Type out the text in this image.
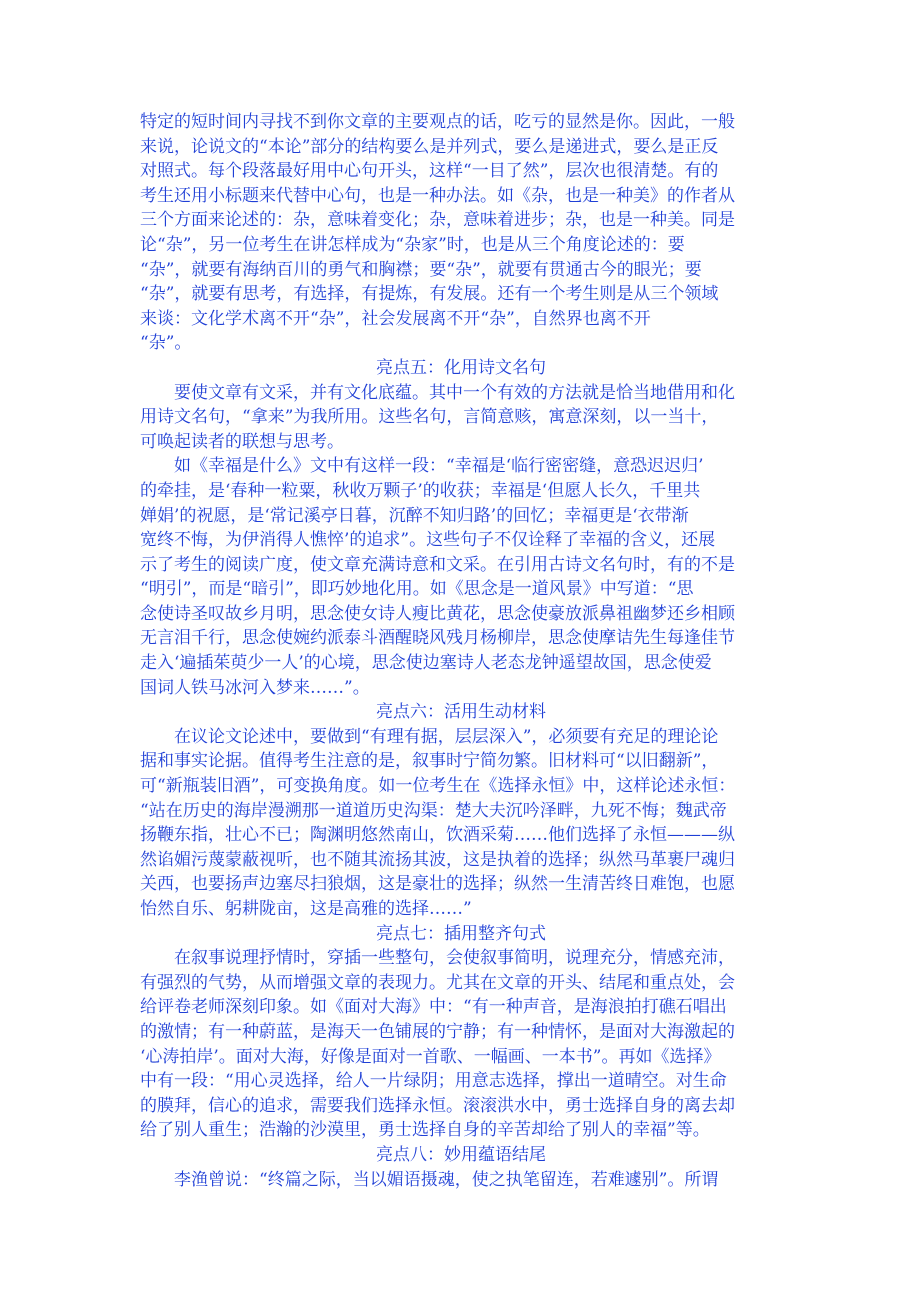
特定的短时间内寻找不到你文章的主要观点的话，吃亏的显然是你。因此，一般
来说，论说文的“本论”部分的结构要么是并列式，要么是递进式，要么是正反
对照式。每个段落最好用中心句开头，这样“一目了然”，层次也很清楚。有的
考生还用小标题来代替中心句，也是一种办法。如《杂，也是一种美》的作者从
三个方面来论述的：杂，意味着变化；杂，意味着进步；杂，也是一种美。同是
论“杂”，另一位考生在讲怎样成为“杂家”时，也是从三个角度论述的：要
“杂”，就要有海纳百川的勇气和胸襟；要“杂”，就要有贯通古今的眼光；要
“杂”，就要有思考，有选择，有提炼，有发展。还有一个考生则是从三个领域
来谈：文化学术离不开“杂”，社会发展离不开“杂”，自然界也离不开
“杂”。
亮点五：化用诗文名句
　　要使文章有文采，并有文化底蕴。其中一个有效的方法就是恰当地借用和化
用诗文名句，“拿来”为我所用。这些名句，言简意赅，寓意深刻，以一当十，
可唤起读者的联想与思考。
　　如《幸福是什么》文中有这样一段：“幸福是‘临行密密缝，意恐迟迟归’
的牵挂，是‘春种一粒粟，秋收万颗子’的收获；幸福是‘但愿人长久，千里共
婵娟’的祝愿，是‘常记溪亭日暮，沉醉不知归路’的回忆；幸福更是‘衣带渐
宽终不悔，为伊消得人憔悴’的追求”。这些句子不仅诠释了幸福的含义，还展
示了考生的阅读广度，使文章充满诗意和文采。在引用古诗文名句时，有的不是
“明引”，而是“暗引”，即巧妙地化用。如《思念是一道风景》中写道：“思
念使诗圣叹故乡月明，思念使女诗人瘦比黄花，思念使豪放派鼻祖幽梦还乡相顾
无言泪千行，思念使婉约派泰斗酒醒晓风残月杨柳岸，思念使摩诘先生每逢佳节
走入‘遍插茱萸少一人’的心境，思念使边塞诗人老态龙钟遥望故国，思念使爱
国词人铁马冰河入梦来……”。
亮点六：活用生动材料
　　在议论文论述中，要做到“有理有据，层层深入”，必须要有充足的理论论
据和事实论据。值得考生注意的是，叙事时宁简勿繁。旧材料可“以旧翻新”，
可“新瓶装旧酒”，可变换角度。如一位考生在《选择永恒》中，这样论述永恒：
“站在历史的海岸漫溯那一道道历史沟渠：楚大夫沉吟泽畔，九死不悔；魏武帝
扬鞭东指，壮心不已；陶渊明悠然南山，饮酒采菊……他们选择了永恒———纵
然谄媚污蔑蒙蔽视听，也不随其流扬其波，这是执着的选择；纵然马革裹尸魂归
关西，也要扬声边塞尽扫狼烟，这是豪壮的选择；纵然一生清苦终日难饱，也愿
怡然自乐、躬耕陇亩，这是高雅的选择……”
亮点七：插用整齐句式
　　在叙事说理抒情时，穿插一些整句，会使叙事简明，说理充分，情感充沛，
有强烈的气势，从而增强文章的表现力。尤其在文章的开头、结尾和重点处，会
给评卷老师深刻印象。如《面对大海》中：“有一种声音，是海浪拍打礁石唱出
的激情；有一种蔚蓝，是海天一色铺展的宁静；有一种情怀，是面对大海激起的
‘心涛拍岸’。面对大海，好像是面对一首歌、一幅画、一本书”。再如《选择》
中有一段：“用心灵选择，给人一片绿阴；用意志选择，撑出一道晴空。对生命
的膜拜，信心的追求，需要我们选择永恒。滚滚洪水中，勇士选择自身的离去却
给了别人重生；浩瀚的沙漠里，勇士选择自身的辛苦却给了别人的幸福”等。
亮点八：妙用蕴语结尾
　　李渔曾说：“终篇之际，当以媚语摄魂，使之执笔留连，若难遽别”。所谓
